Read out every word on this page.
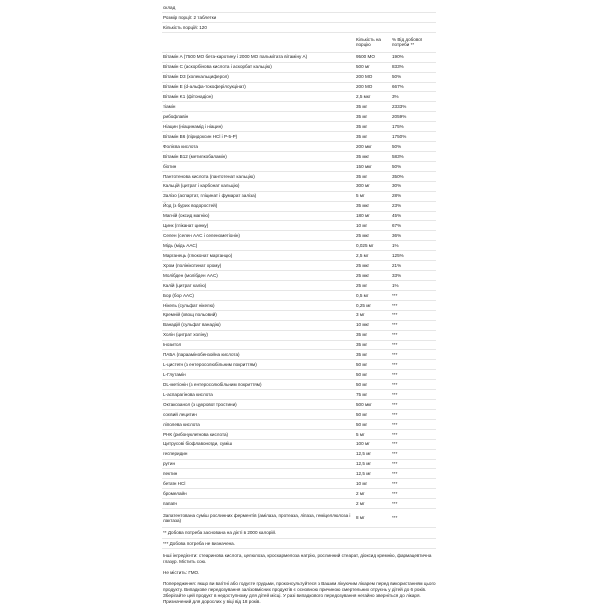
склад
Розмір порції: 2 таблетки
Кількість порцій: 120
Кількість на порцію
% Від добової потреби **
Вітамін A (7500 МО бета-каротину і 2000 МО пальмітата вітаміну A)	9500 МО	190%
Вітамін C (аскорбінова кислота і аскорбат кальцію)	500 мг	833%
Вітамін D3 (холекальциферол)	200 МО	50%
Вітамін E (d-альфа-токоферілсукцінат)	200 МО	667%
Вітамін K1 (фітонадіон)	2,5 мкг	3%
тіамін	35 мг	2333%
рибофлавін	35 мг	2059%
Ніацин (ніацинамід і ніацин)	35 мг	175%
Вітамін B6 (піридоксин HCl і P-5-P)	35 мг	1750%
Фолієва кислота	200 мкг	50%
Вітамін B12 (метилкобаламін)	35 мкг	583%
біотин	150 мкг	50%
Пантотенова кислота (пантотенат кальцію)	35 мг	350%
Кальцій (цитрат і карбонат кальцію)	300 мг	30%
Залізо (аспартат, гліцинат і фумарат заліза)	5 мг	28%
Йод (з бурих водоростей)	35 мкг	23%
Магній (оксид магнію)	180 мг	45%
Цинк (гліканат цинку)	10 мг	67%
Селен (селен AAC і селенометіонін)	25 мкг	36%
Мідь (мідь AAC)	0,025 мг	1%
Марганець (глюконат марганцю)	2,5 мг	125%
Хром (полінікотинат хрому)	25 мкг	21%
Молібден (молібден AAC)	25 мкг	33%
Калій (цитрат калію)	25 мг	1%
Бор (бор AAC)	0,5 мг	***
Нікель (сульфат нікелю)	0,25 мг	***
Кремній (хвощ польовий)	3 мг	***
Ванадій (сульфат ванадію)	10 мкг	***
Холін (цитрат холіну)	35 мг	***
Інозитол	35 мг	***
ПАБА (параамінобензойна кислота)	35 мг	***
L-цистеїн (з ентеросолюбільним покриттям)	50 мг	***
L-Глутамін	50 мг	***
DL-метіонін (з ентеросолюбільним покриттям)	50 мг	***
L-аспарагінова кислота	75 мг	***
Октакозанол (з цукрової тростини)	500 мкг	***
соєвий лецитин	50 мг	***
ліполева кислота	50 мг	***
РНК (рибонуклеїнова кислота)	5 мг	***
Цитрусові біофлавоноїди, суміш	100 мг	***
гесперидин	12,5 мг	***
рутин	12,5 мг	***
пектин	12,5 мг	***
бетаїн HCl	10 мг	***
бромелайн	2 мг	***
папаїн	2 мг	***
Запатентована суміш рослинних ферментів (амілаза, протеаза, ліпаза, геміцеллюлоза і лактаза)
8 мг	***
** Добова потреба заснована на дієті в 2000 калорій.
*** Добова потреба не визначена.

Інші інгредієнти: стеаринова кислота, целюлоза, кроскармелоза натрію, рослинний стеарат, діоксид кремнію, фармацевтична глазур. Містить сою.

Не містить: ГМО.

Попередження: якщо ви вагітні або годуєте грудьми, проконсультуйтеся з Вашим лікуючим лікарем перед використанням цього продукту. Випадкове передозування залізовмісних продуктів є основною причиною смертельних отруєнь у дітей до 6 років. Зберігайте цей продукт в недоступному для дітей місці. У разі випадкового передозування негайно зверніться до лікаря. Призначений для дорослих у віці від 18 років.
